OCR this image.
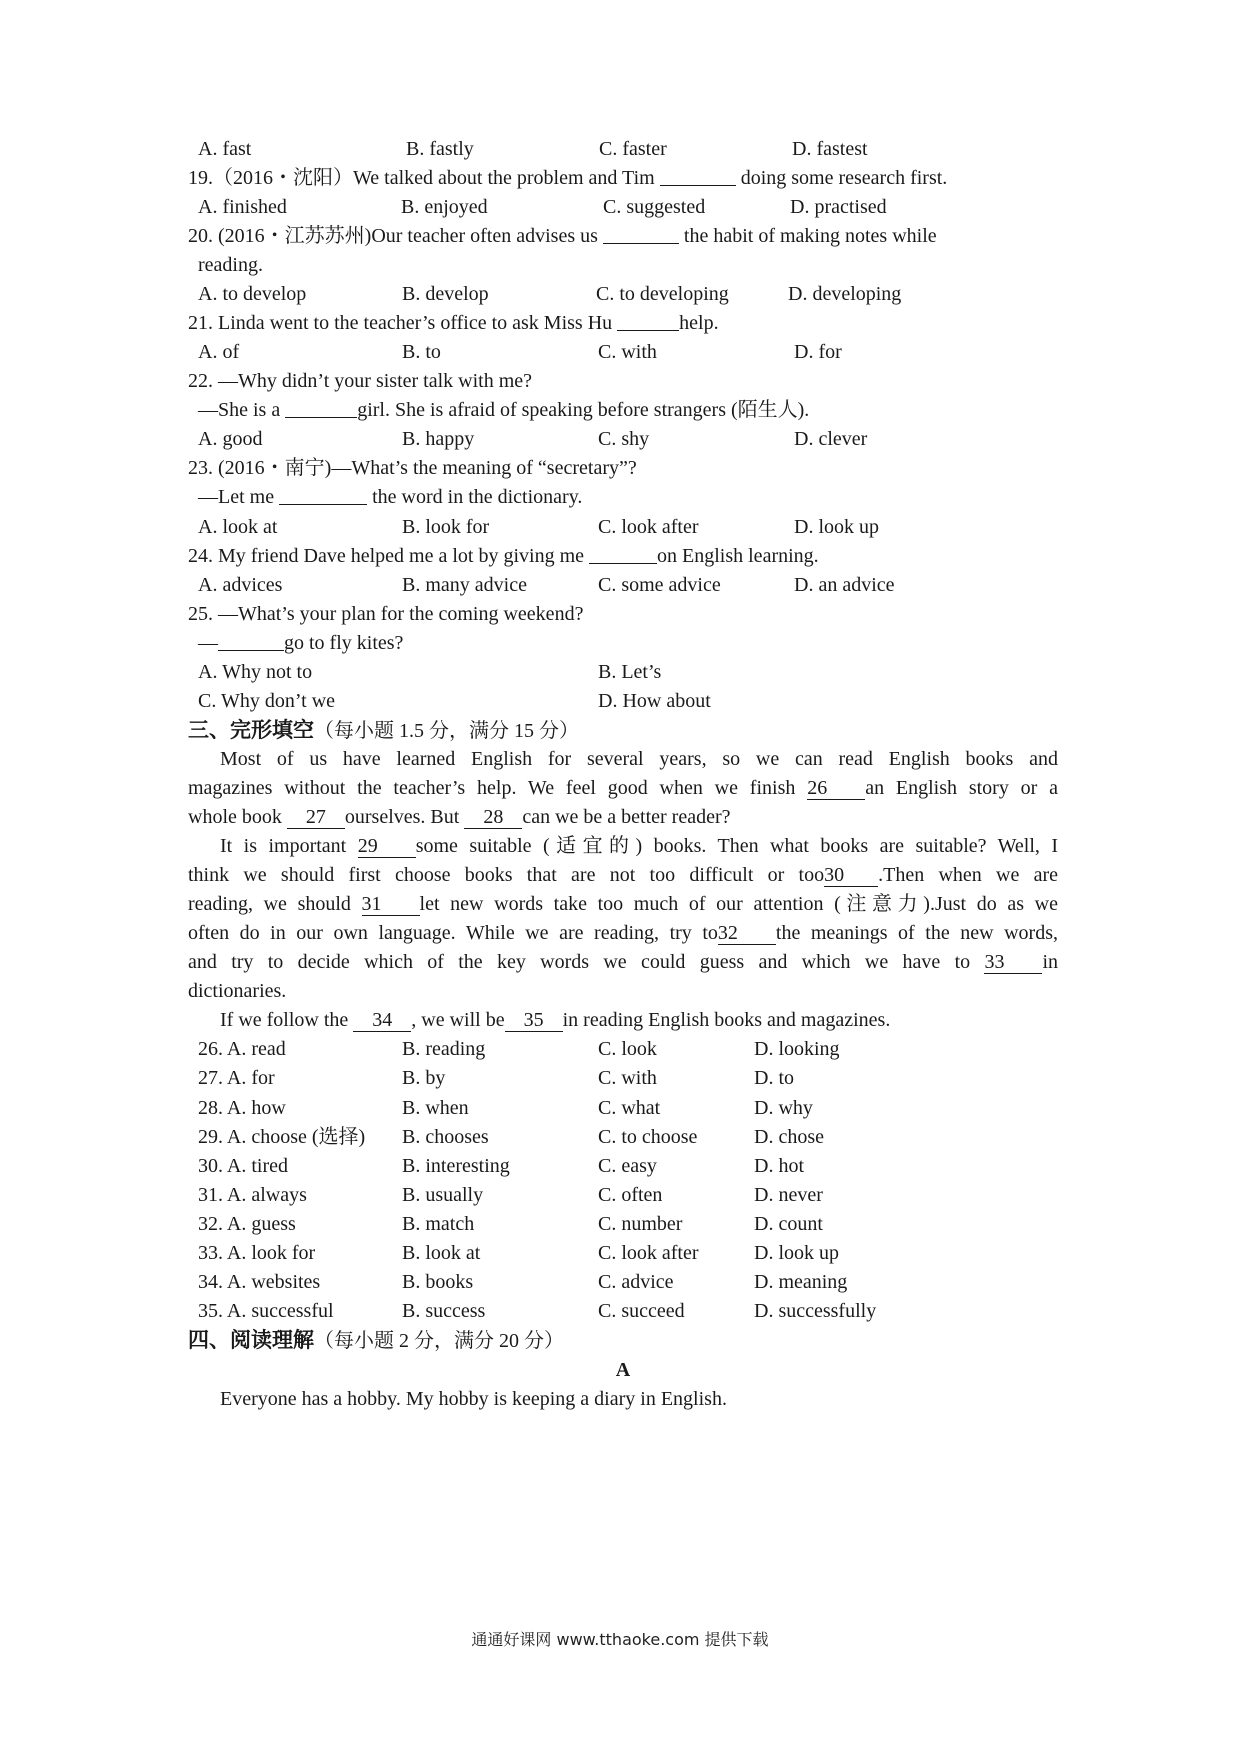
A. fast	B. fastly	C. faster	D. fastest
19.（2016・沈阳）We talked about the problem and Tim	doing some research first.
A. finished	B. enjoyed	C. suggested	D. practised
20. (2016・江苏苏州)Our teacher often advises us	the habit of making notes while
reading.
A. to develop	B. develop	C. to developing	D. developing
21. Linda went to the teacher’s office to ask Miss Hu	help.
A. of	B. to	C. with	D. for
22. —Why didn’t your sister talk with me?
—She is a	girl. She is afraid of speaking before strangers (陌生人).
A. good	B. happy	C. shy	D. clever
23. (2016・南宁)—What’s the meaning of “secretary”?
—Let me	the word in the dictionary.
A. look at	B. look for	C. look after	D. look up
24. My friend Dave helped me a lot by giving me	on English learning.
A. advices	B. many advice	C. some advice	D. an advice
25. —What’s your plan for the coming weekend?
—	go to fly kites?
A. Why not to	B. Let’s
C. Why don’t we	D. How about
三、完形填空（每小题 1.5 分，满分 15 分）
Most of us have learned English for several years, so we can read English books and
magazines without the teacher’s help. We feel good when we finish 26 an English story or a
whole book 27 ourselves. But 28 can we be a better reader?
It is important 29 some suitable (适宜的) books. Then what books are suitable? Well, I
think we should first choose books that are not too difficult or too30 .Then when we are
reading, we should 31 let new words take too much of our attention (注意力).Just do as we
often do in our own language. While we are reading, try to32 the meanings of the new words,
and try to decide which of the key words we could guess and which we have to 33 in
dictionaries.
If we follow the 34 , we will be 35 in reading English books and magazines.
26. A. read	B. reading	C. look	D. looking
27. A. for	B. by	C. with	D. to
28. A. how	B. when	C. what	D. why
29. A. choose (选择) B. chooses	C. to choose	D. chose
30. A. tired	B. interesting	C. easy	D. hot
31. A. always	B. usually	C. often	D. never
32. A. guess	B. match	C. number	D. count
33. A. look for	B. look at	C. look after	D. look up
34. A. websites	B. books	C. advice	D. meaning
35. A. successful	B. success	C. succeed	D. successfully
四、阅读理解（每小题 2 分，满分 20 分）
A
Everyone has a hobby. My hobby is keeping a diary in English.
通通好课网 www.tthaoke.com 提供下载
